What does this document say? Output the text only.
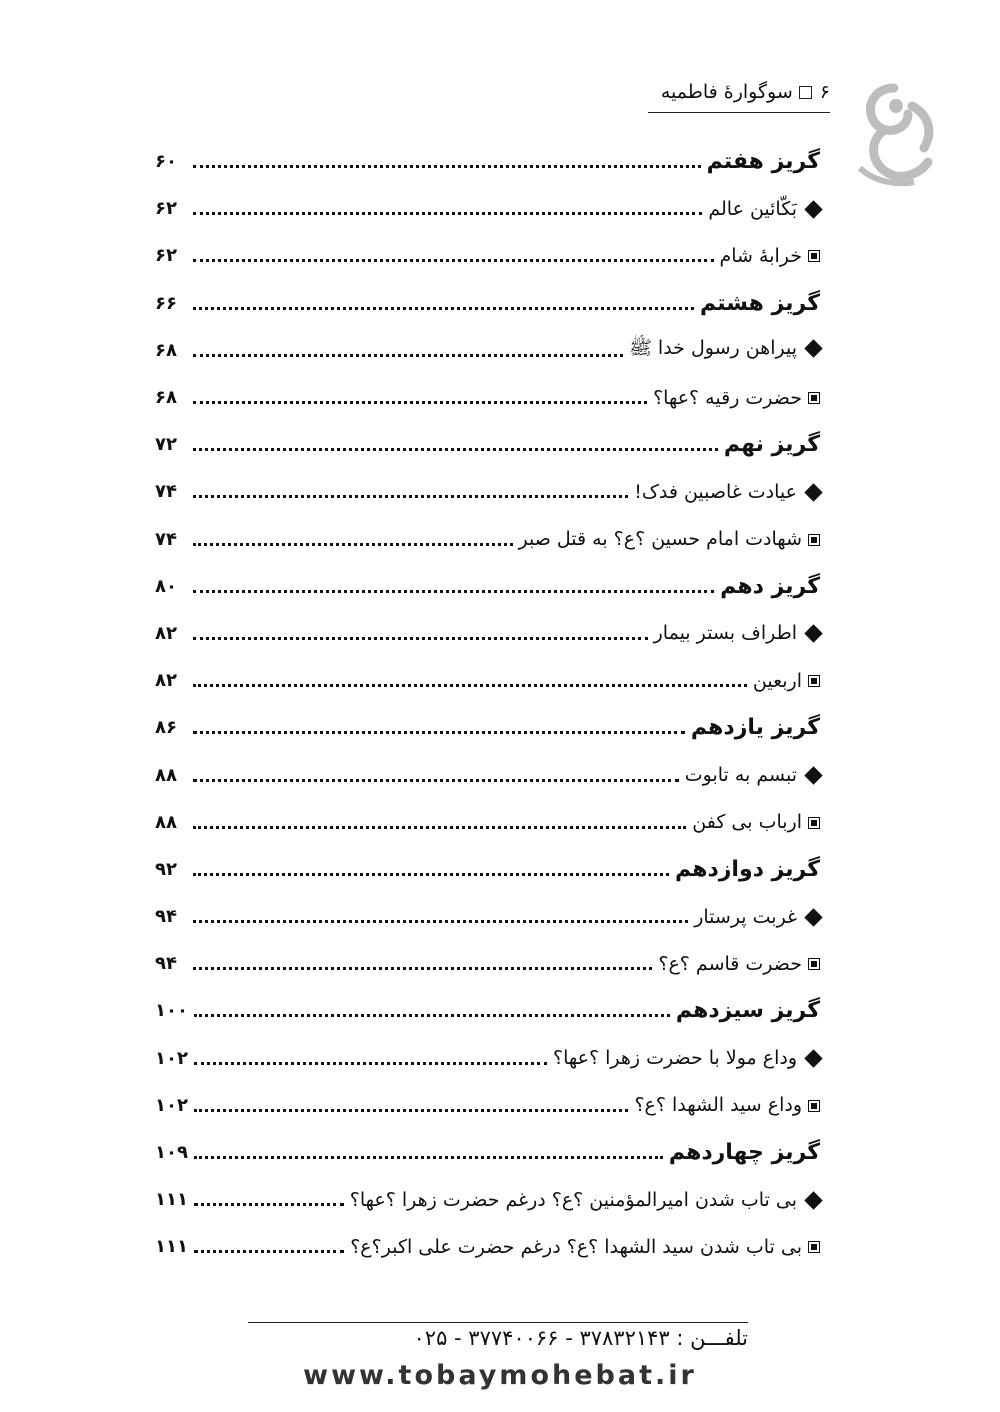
۶سوگوارهٔ فاطمیه
گریز هفتم
۶۰
بَکّائین عالم
۶۲
خرابهٔ شام
۶۲
گریز هشتم
۶۶
پیراهن رسول خدا ﷺ
۶۸
حضرت رقیه ؟عها؟
۶۸
گریز نهم
۷۲
عیادت غاصبین فدک!
۷۴
شهادت امام حسین ؟ع؟ به قتل صبر
۷۴
گریز دهم
۸۰
اطراف بستر بیمار
۸۲
اربعین
۸۲
گریز یازدهم
۸۶
تبسم به تابوت
۸۸
ارباب بی کفن
۸۸
گریز دوازدهم
۹۲
غربت پرستار
۹۴
حضرت قاسم ؟ع؟
۹۴
گریز سیزدهم
۱۰۰
وداع مولا با حضرت زهرا ؟عها؟
۱۰۲
وداع سید الشهدا ؟ع؟
۱۰۲
گریز چهاردهم
۱۰۹
بی تاب شدن امیرالمؤمنین ؟ع؟ درغم حضرت زهرا ؟عها؟
۱۱۱
بی تاب شدن سید الشهدا ؟ع؟ درغم حضرت علی اکبر؟ع؟
۱۱۱
تلفـــن : ۳۷۸۳۲۱۴۳ - ۳۷۷۴۰۰۶۶ - ۰۲۵
www.tobaymohebat.ir
